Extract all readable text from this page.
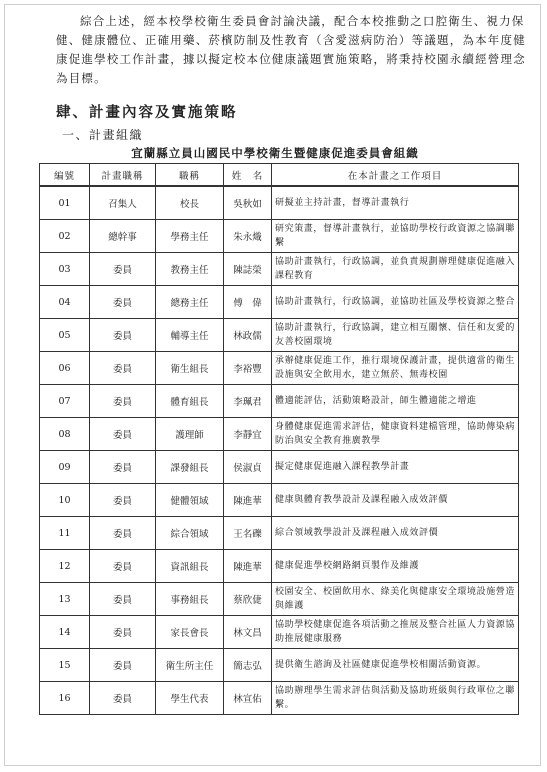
綜合上述，經本校學校衛生委員會討論決議，配合本校推動之口腔衛生、視力保健、健康體位、正確用藥、菸檳防制及性教育（含愛滋病防治）等議題，為本年度健康促進學校工作計畫，據以擬定校本位健康議題實施策略，將秉持校園永續經營理念為目標。

肆、計畫內容及實施策略
一、計畫組織
宜蘭縣立員山國民中學校衛生暨健康促進委員會組織
編號	計畫職稱	職稱	姓　名	在本計畫之工作項目
01	召集人	校長	吳秋如	研擬並主持計畫，督導計畫執行
02	總幹事	學務主任	朱永熾	研究策畫，督導計畫執行，並協助學校行政資源之協調聯繫
03	委員	教務主任	陳誌榮	協助計畫執行，行政協調，並負責規劃辦理健康促進融入課程教育
04	委員	總務主任	傅　偉	協助計畫執行，行政協調，並協助社區及學校資源之整合
05	委員	輔導主任	林政儒	協助計畫執行，行政協調，建立相互關懷、信任和友愛的友善校園環境
06	委員	衛生組長	李裕豐	承辦健康促進工作，推行環境保護計畫，提供適當的衛生設施與安全飲用水，建立無菸、無毒校園
07	委員	體育組長	李珮君	體適能評估，活動策略設計，師生體適能之增進
08	委員	護理師	李靜宜	身體健康促進需求評估，健康資料建檔管理，協助傳染病防治與安全教育推廣教學
09	委員	課發組長	侯淑貞	擬定健康促進融入課程教學計畫
10	委員	健體領域	陳進華	健康與體育教學設計及課程融入成效評價
11	委員	綜合領域	王名礫	綜合領域教學設計及課程融入成效評價
12	委員	資訊組長	陳進華	健康促進學校網路網頁製作及維護
13	委員	事務組長	蔡欣倢	校園安全、校園飲用水、綠美化與健康安全環境設施營造與維護
14	委員	家長會長	林文昌	協助學校健康促進各項活動之推展及整合社區人力資源協助推展健康服務
15	委員	衛生所主任	簡志弘	提供衛生諮詢及社區健康促進學校相關活動資源。
16	委員	學生代表	林宣佑	協助辦理學生需求評估與活動及協助班級與行政單位之聯繫。
